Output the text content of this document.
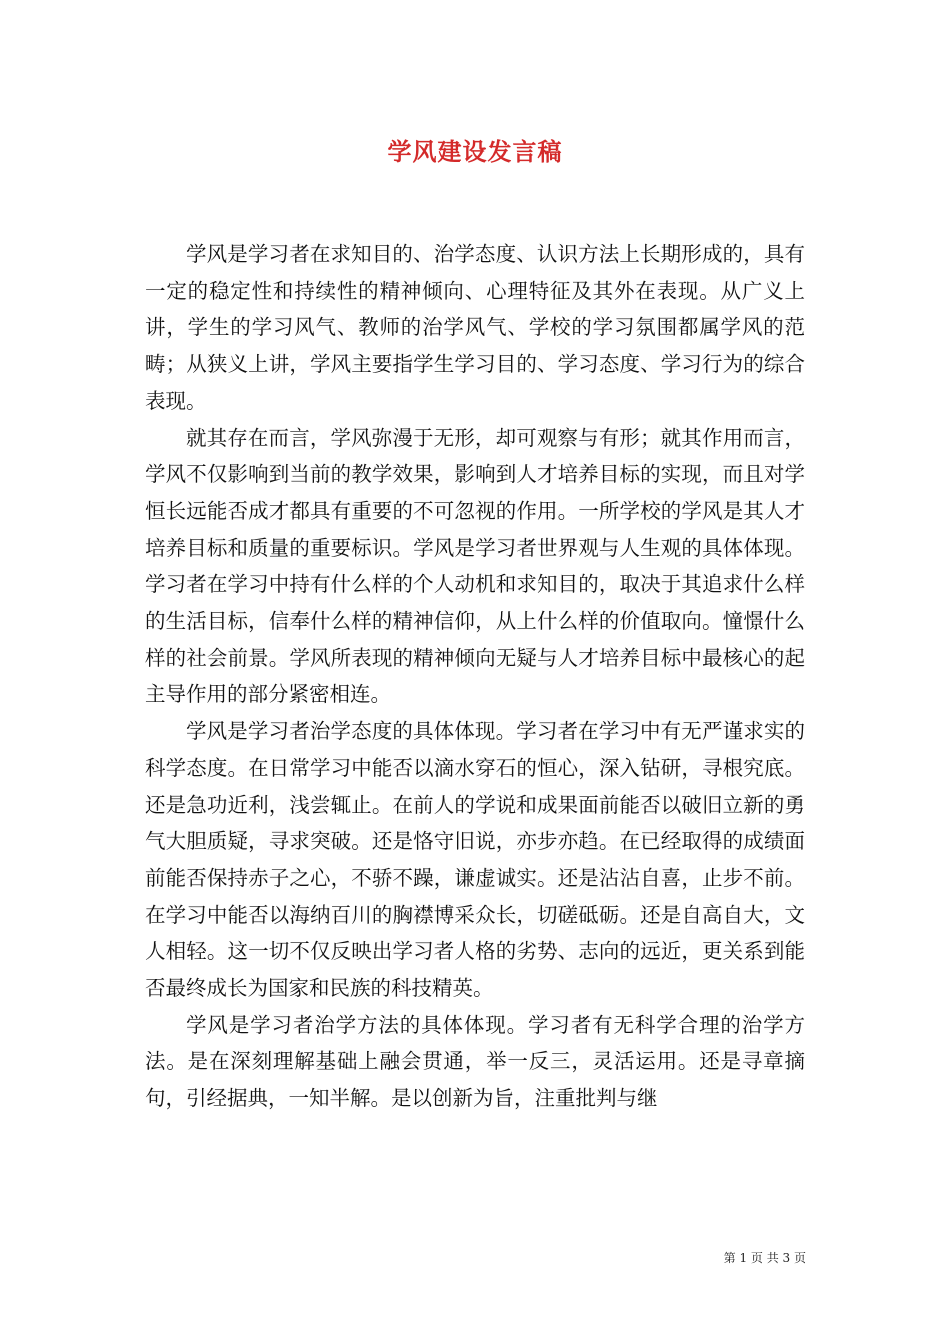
学风建设发言稿

学风是学习者在求知目的、治学态度、认识方法上长期形成的，具有一定的稳定性和持续性的精神倾向、心理特征及其外在表现。从广义上讲，学生的学习风气、教师的治学风气、学校的学习氛围都属学风的范畴；从狭义上讲，学风主要指学生学习目的、学习态度、学习行为的综合表现。

就其存在而言，学风弥漫于无形，却可观察与有形；就其作用而言，学风不仅影响到当前的教学效果，影响到人才培养目标的实现，而且对学恒长远能否成才都具有重要的不可忽视的作用。一所学校的学风是其人才培养目标和质量的重要标识。学风是学习者世界观与人生观的具体体现。学习者在学习中持有什么样的个人动机和求知目的，取决于其追求什么样的生活目标，信奉什么样的精神信仰，从上什么样的价值取向。憧憬什么样的社会前景。学风所表现的精神倾向无疑与人才培养目标中最核心的起主导作用的部分紧密相连。

学风是学习者治学态度的具体体现。学习者在学习中有无严谨求实的科学态度。在日常学习中能否以滴水穿石的恒心，深入钻研，寻根究底。还是急功近利，浅尝辄止。在前人的学说和成果面前能否以破旧立新的勇气大胆质疑，寻求突破。还是恪守旧说，亦步亦趋。在已经取得的成绩面前能否保持赤子之心，不骄不躁，谦虚诚实。还是沾沾自喜，止步不前。在学习中能否以海纳百川的胸襟博采众长，切磋砥砺。还是自高自大，文人相轻。这一切不仅反映出学习者人格的劣势、志向的远近，更关系到能否最终成长为国家和民族的科技精英。

学风是学习者治学方法的具体体现。学习者有无科学合理的治学方法。是在深刻理解基础上融会贯通，举一反三，灵活运用。还是寻章摘句，引经据典，一知半解。是以创新为旨，注重批判与继

第 1 页 共 3 页
